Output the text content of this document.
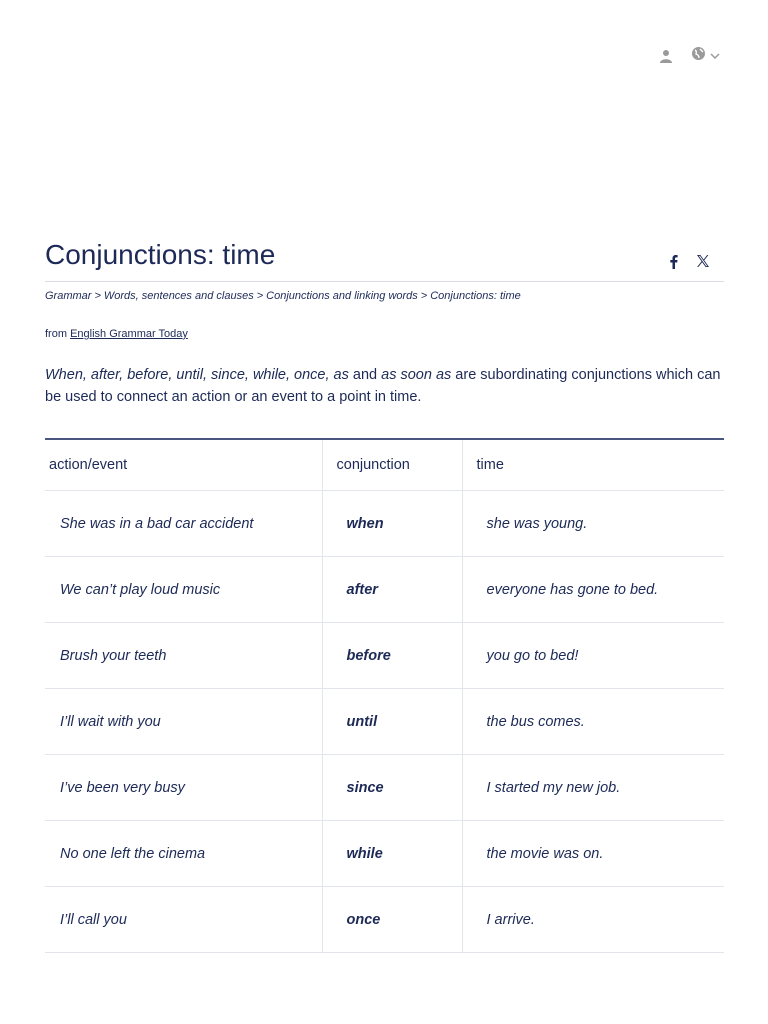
Conjunctions: time
Grammar > Words, sentences and clauses > Conjunctions and linking words > Conjunctions: time
from English Grammar Today

When, after, before, until, since, while, once, as and as soon as are subordinating conjunctions which can be used to connect an action or an event to a point in time.

action/event	conjunction	time
She was in a bad car accident	when	she was young.
We can’t play loud music	after	everyone has gone to bed.
Brush your teeth	before	you go to bed!
I’ll wait with you	until	the bus comes.
I’ve been very busy	since	I started my new job.
No one left the cinema	while	the movie was on.
I’ll call you	once	I arrive.
